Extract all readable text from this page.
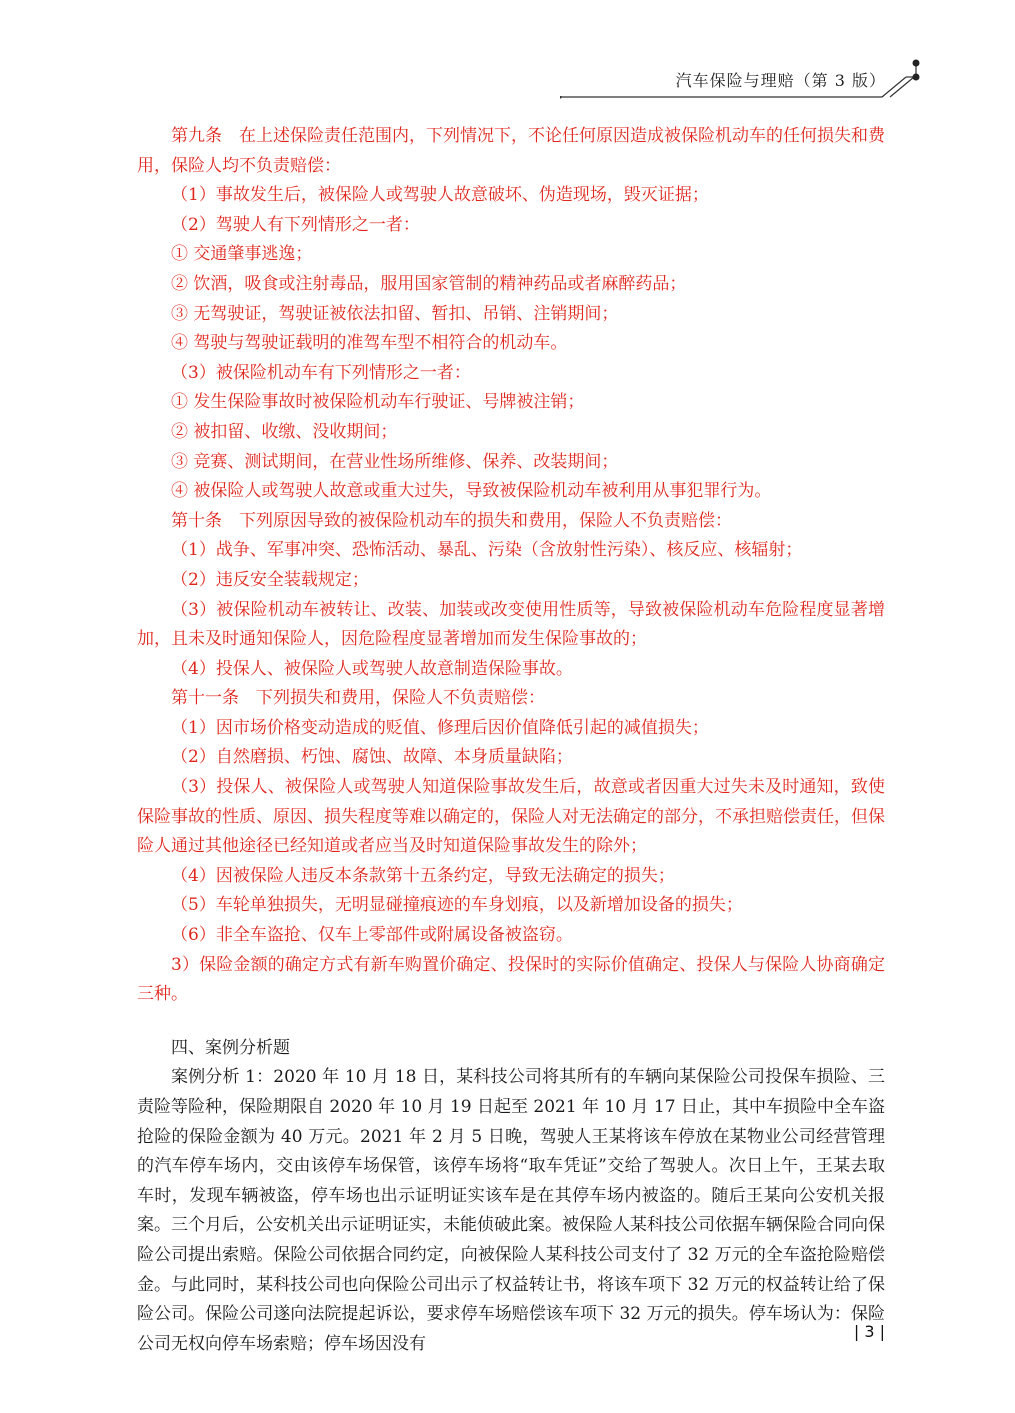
汽车保险与理赔（第 3 版）

第九条　在上述保险责任范围内，下列情况下，不论任何原因造成被保险机动车的任何损失和费用，保险人均不负责赔偿：

（1）事故发生后，被保险人或驾驶人故意破坏、伪造现场，毁灭证据；

（2）驾驶人有下列情形之一者：

① 交通肇事逃逸；

② 饮酒，吸食或注射毒品，服用国家管制的精神药品或者麻醉药品；

③ 无驾驶证，驾驶证被依法扣留、暂扣、吊销、注销期间；

④ 驾驶与驾驶证载明的准驾车型不相符合的机动车。

（3）被保险机动车有下列情形之一者：

① 发生保险事故时被保险机动车行驶证、号牌被注销；

② 被扣留、收缴、没收期间；

③ 竞赛、测试期间，在营业性场所维修、保养、改装期间；

④ 被保险人或驾驶人故意或重大过失，导致被保险机动车被利用从事犯罪行为。

第十条　下列原因导致的被保险机动车的损失和费用，保险人不负责赔偿：

（1）战争、军事冲突、恐怖活动、暴乱、污染（含放射性污染）、核反应、核辐射；

（2）违反安全装载规定；

（3）被保险机动车被转让、改装、加装或改变使用性质等，导致被保险机动车危险程度显著增加，且未及时通知保险人，因危险程度显著增加而发生保险事故的；

（4）投保人、被保险人或驾驶人故意制造保险事故。

第十一条　下列损失和费用，保险人不负责赔偿：

（1）因市场价格变动造成的贬值、修理后因价值降低引起的减值损失；

（2）自然磨损、朽蚀、腐蚀、故障、本身质量缺陷；

（3）投保人、被保险人或驾驶人知道保险事故发生后，故意或者因重大过失未及时通知，致使保险事故的性质、原因、损失程度等难以确定的，保险人对无法确定的部分，不承担赔偿责任，但保险人通过其他途径已经知道或者应当及时知道保险事故发生的除外；

（4）因被保险人违反本条款第十五条约定，导致无法确定的损失；

（5）车轮单独损失，无明显碰撞痕迹的车身划痕，以及新增加设备的损失；

（6）非全车盗抢、仅车上零部件或附属设备被盗窃。

3）保险金额的确定方式有新车购置价确定、投保时的实际价值确定、投保人与保险人协商确定三种。

四、案例分析题

案例分析 1：2020 年 10 月 18 日，某科技公司将其所有的车辆向某保险公司投保车损险、三责险等险种，保险期限自 2020 年 10 月 19 日起至 2021 年 10 月 17 日止，其中车损险中全车盗抢险的保险金额为 40 万元。2021 年 2 月 5 日晚，驾驶人王某将该车停放在某物业公司经营管理的汽车停车场内，交由该停车场保管，该停车场将“取车凭证”交给了驾驶人。次日上午，王某去取车时，发现车辆被盗，停车场也出示证明证实该车是在其停车场内被盗的。随后王某向公安机关报案。三个月后，公安机关出示证明证实，未能侦破此案。被保险人某科技公司依据车辆保险合同向保险公司提出索赔。保险公司依据合同约定，向被保险人某科技公司支付了 32 万元的全车盗抢险赔偿金。与此同时，某科技公司也向保险公司出示了权益转让书，将该车项下 32 万元的权益转让给了保险公司。保险公司遂向法院提起诉讼，要求停车场赔偿该车项下 32 万元的损失。停车场认为：保险公司无权向停车场索赔；停车场因没有

| 3 |
